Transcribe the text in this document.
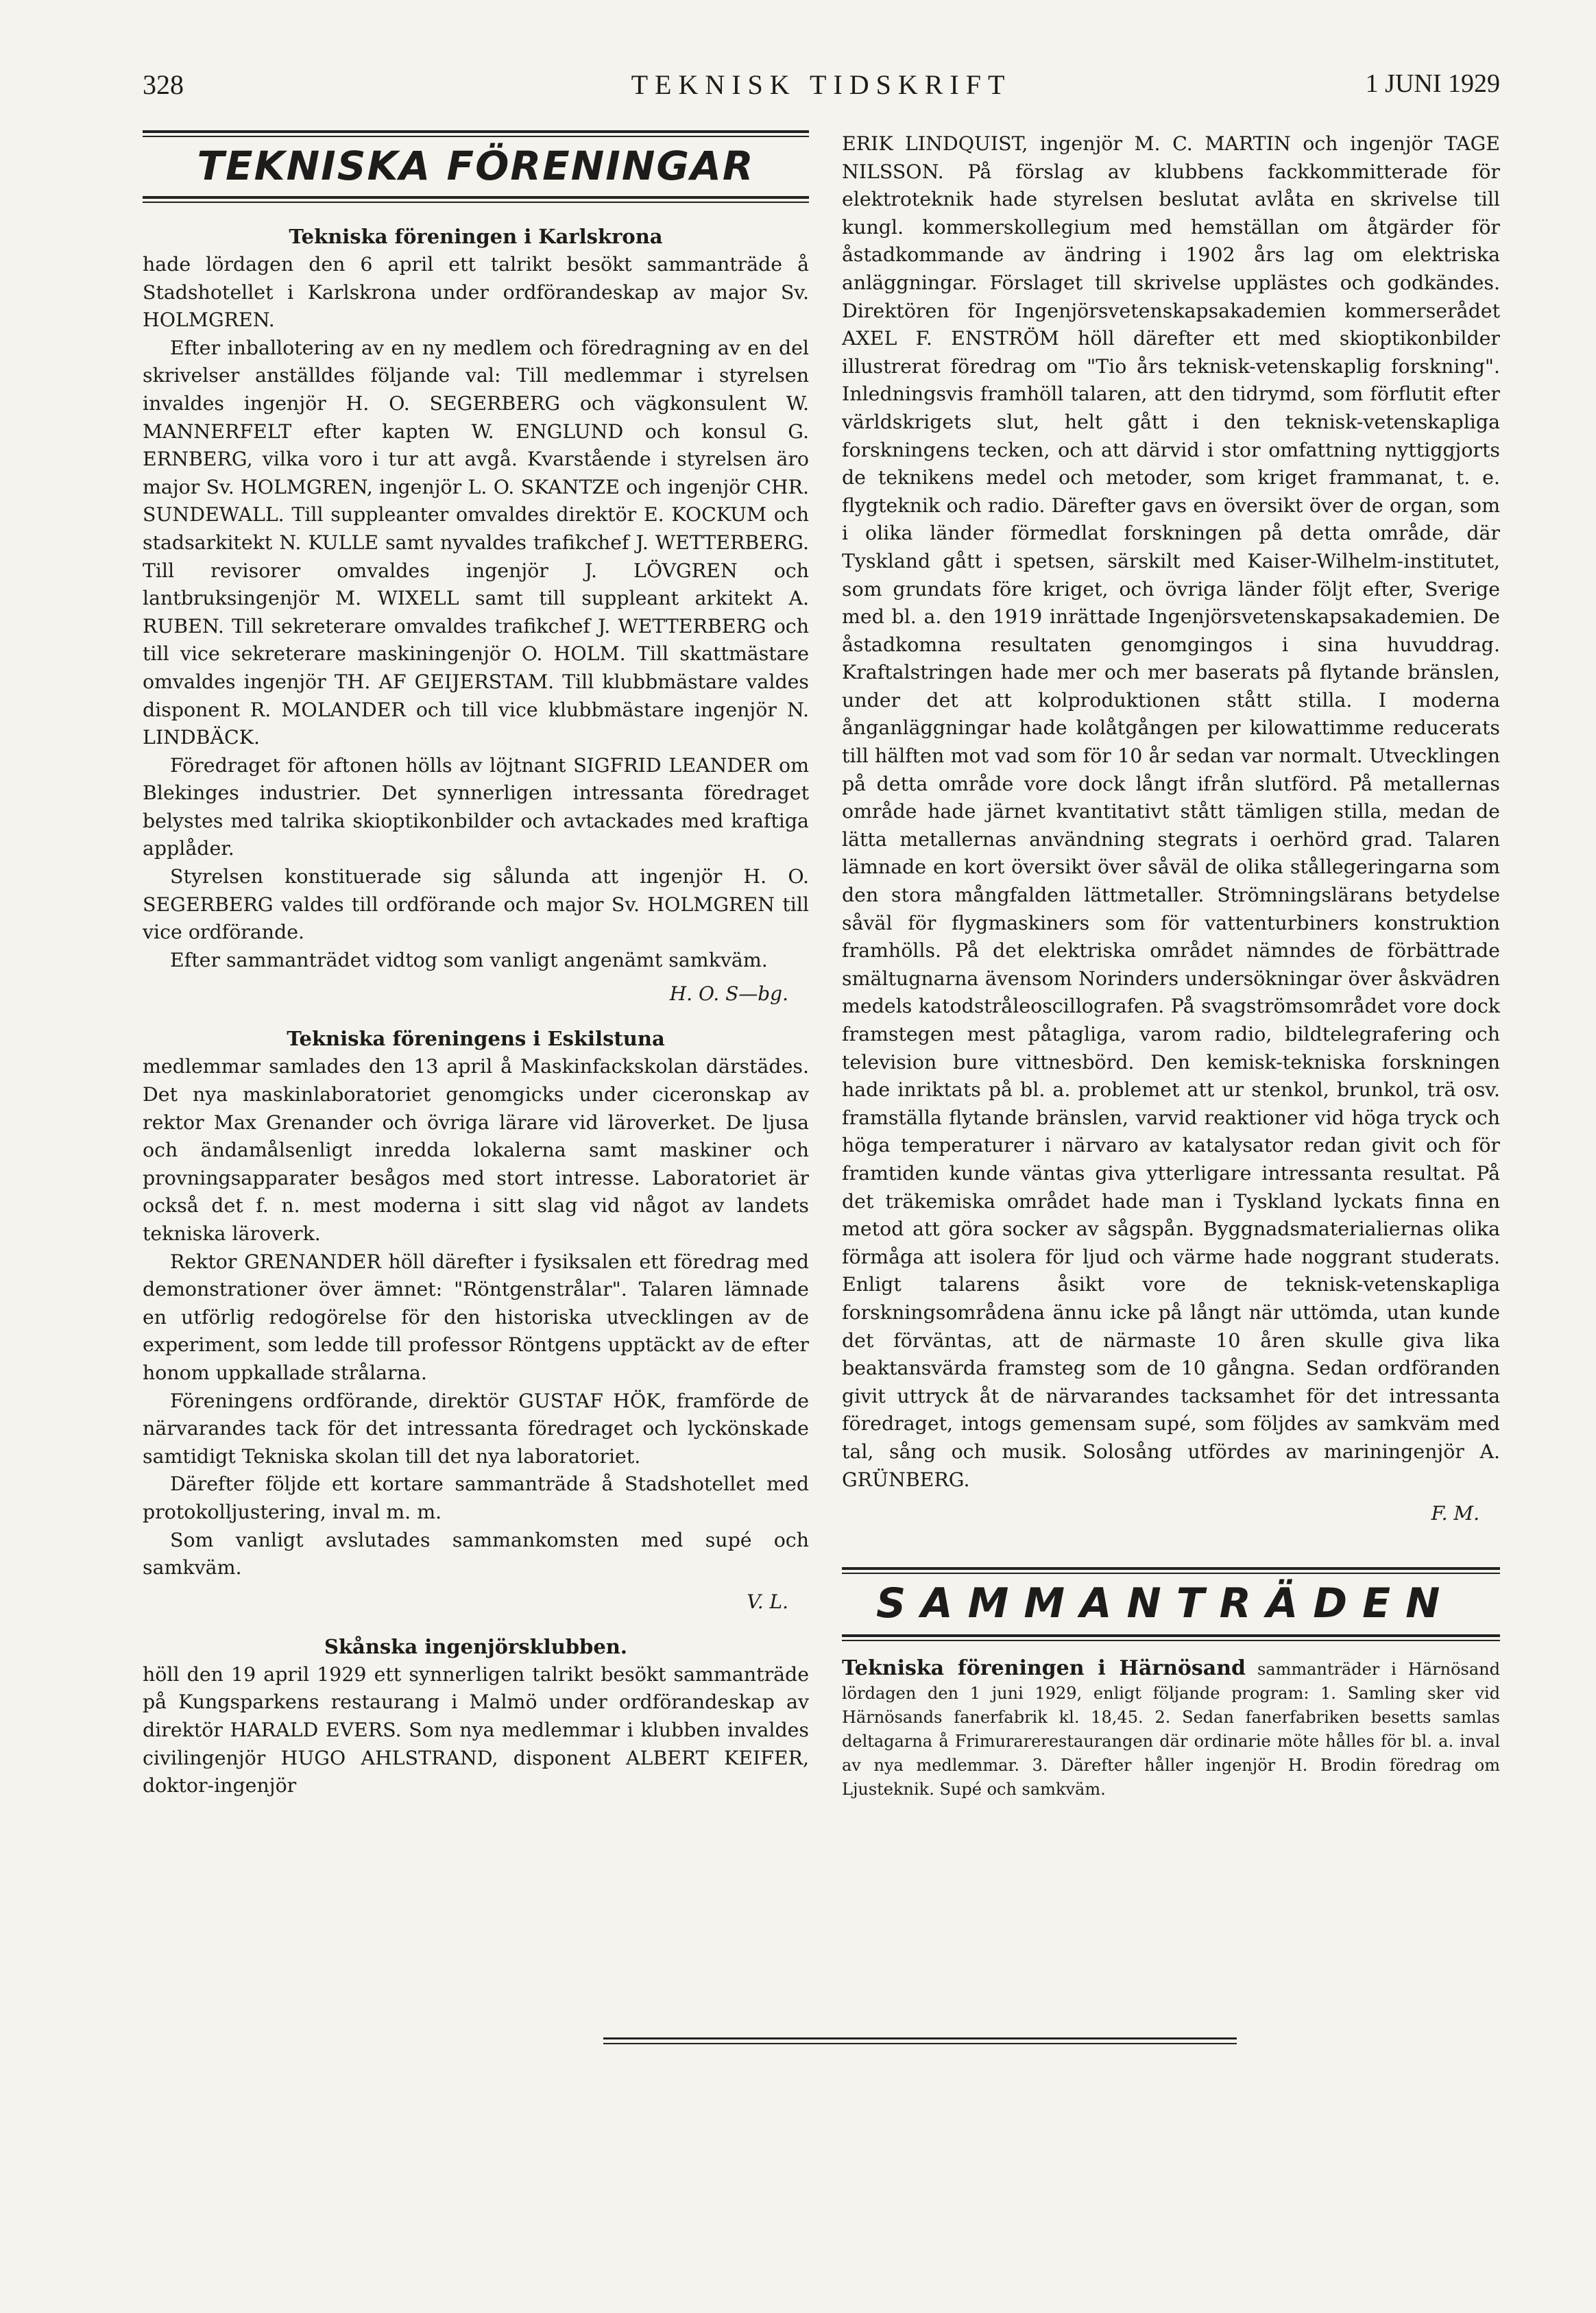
328	TEKNISK TIDSKRIFT	1 JUNI 1929
TEKNISKA FÖRENINGAR
Tekniska föreningen i Karlskrona

hade lördagen den 6 april ett talrikt besökt sammanträde å Stadshotellet i Karlskrona under ordförandeskap av major Sv. HOLMGREN.

Efter inballotering av en ny medlem och föredragning av en del skrivelser anställdes följande val: Till medlemmar i styrelsen invaldes ingenjör H. O. SEGERBERG och vägkonsulent W. MANNERFELT efter kapten W. ENGLUND och konsul G. ERNBERG, vilka voro i tur att avgå. Kvarstående i styrelsen äro major Sv. HOLMGREN, ingenjör L. O. SKANTZE och ingenjör CHR. SUNDEWALL. Till suppleanter omvaldes direktör E. KOCKUM och stadsarkitekt N. KULLE samt nyvaldes trafikchef J. WETTERBERG. Till revisorer omvaldes ingenjör J. LÖVGREN och lantbruksingenjör M. WIXELL samt till suppleant arkitekt A. RUBEN. Till sekreterare omvaldes trafikchef J. WETTERBERG och till vice sekreterare maskiningenjör O. HOLM. Till skattmästare omvaldes ingenjör TH. AF GEIJERSTAM. Till klubbmästare valdes disponent R. MOLANDER och till vice klubbmästare ingenjör N. LINDBÄCK.

Föredraget för aftonen hölls av löjtnant SIGFRID LEANDER om Blekinges industrier. Det synnerligen intressanta föredraget belystes med talrika skioptikonbilder och avtackades med kraftiga applåder.

Styrelsen konstituerade sig sålunda att ingenjör H. O. SEGERBERG valdes till ordförande och major Sv. HOLMGREN till vice ordförande.

Efter sammanträdet vidtog som vanligt angenämt samkväm.

H. O. S—bg.
Tekniska föreningens i Eskilstuna

medlemmar samlades den 13 april å Maskinfackskolan därstädes. Det nya maskinlaboratoriet genomgicks under ciceronskap av rektor Max Grenander och övriga lärare vid läroverket. De ljusa och ändamålsenligt inredda lokalerna samt maskiner och provningsapparater besågos med stort intresse. Laboratoriet är också det f. n. mest moderna i sitt slag vid något av landets tekniska läroverk.

Rektor GRENANDER höll därefter i fysiksalen ett föredrag med demonstrationer över ämnet: "Röntgenstrålar". Talaren lämnade en utförlig redogörelse för den historiska utvecklingen av de experiment, som ledde till professor Röntgens upptäckt av de efter honom uppkallade strålarna.

Föreningens ordförande, direktör GUSTAF HÖK, framförde de närvarandes tack för det intressanta föredraget och lyckönskade samtidigt Tekniska skolan till det nya laboratoriet.

Därefter följde ett kortare sammanträde å Stadshotellet med protokolljustering, inval m. m.

Som vanligt avslutades sammankomsten med supé och samkväm.

V. L.
Skånska ingenjörsklubben.

höll den 19 april 1929 ett synnerligen talrikt besökt sammanträde på Kungsparkens restaurang i Malmö under ordförandeskap av direktör HARALD EVERS. Som nya medlemmar i klubben invaldes civilingenjör HUGO AHLSTRAND, disponent ALBERT KEIFER, doktor-ingenjör

ERIK LINDQUIST, ingenjör M. C. MARTIN och ingenjör TAGE NILSSON. På förslag av klubbens fackkommitterade för elektroteknik hade styrelsen beslutat avlåta en skrivelse till kungl. kommerskollegium med hemställan om åtgärder för åstadkommande av ändring i 1902 års lag om elektriska anläggningar. Förslaget till skrivelse upplästes och godkändes. Direktören för Ingenjörsvetenskapsakademien kommerserådet AXEL F. ENSTRÖM höll därefter ett med skioptikonbilder illustrerat föredrag om "Tio års teknisk-vetenskaplig forskning". Inledningsvis framhöll talaren, att den tidrymd, som förflutit efter världskrigets slut, helt gått i den teknisk-vetenskapliga forskningens tecken, och att därvid i stor omfattning nyttiggjorts de teknikens medel och metoder, som kriget frammanat, t. e. flygteknik och radio. Därefter gavs en översikt över de organ, som i olika länder förmedlat forskningen på detta område, där Tyskland gått i spetsen, särskilt med Kaiser-Wilhelm-institutet, som grundats före kriget, och övriga länder följt efter, Sverige med bl. a. den 1919 inrättade Ingenjörsvetenskapsakademien. De åstadkomna resultaten genomgingos i sina huvuddrag. Kraftalstringen hade mer och mer baserats på flytande bränslen, under det att kolproduktionen stått stilla. I moderna ånganläggningar hade kolåtgången per kilowattimme reducerats till hälften mot vad som för 10 år sedan var normalt. Utvecklingen på detta område vore dock långt ifrån slutförd. På metallernas område hade järnet kvantitativt stått tämligen stilla, medan de lätta metallernas användning stegrats i oerhörd grad. Talaren lämnade en kort översikt över såväl de olika stållegeringarna som den stora mångfalden lättmetaller. Strömningslärans betydelse såväl för flygmaskiners som för vattenturbiners konstruktion framhölls. På det elektriska området nämndes de förbättrade smältugnarna ävensom Norinders undersökningar över åskvädren medels katodstråleoscillografen. På svagströmsområdet vore dock framstegen mest påtagliga, varom radio, bildtelegrafering och television bure vittnesbörd. Den kemisk-tekniska forskningen hade inriktats på bl. a. problemet att ur stenkol, brunkol, trä osv. framställa flytande bränslen, varvid reaktioner vid höga tryck och höga temperaturer i närvaro av katalysator redan givit och för framtiden kunde väntas giva ytterligare intressanta resultat. På det träkemiska området hade man i Tyskland lyckats finna en metod att göra socker av sågspån. Byggnadsmaterialiernas olika förmåga att isolera för ljud och värme hade noggrant studerats. Enligt talarens åsikt vore de teknisk-vetenskapliga forskningsområdena ännu icke på långt när uttömda, utan kunde det förväntas, att de närmaste 10 åren skulle giva lika beaktansvärda framsteg som de 10 gångna. Sedan ordföranden givit uttryck åt de närvarandes tacksamhet för det intressanta föredraget, intogs gemensam supé, som följdes av samkväm med tal, sång och musik. Solosång utfördes av mariningenjör A. GRÜNBERG.

F. M.
SAMMANTRÄDEN
Tekniska föreningen i Härnösand sammanträder i Härnösand lördagen den 1 juni 1929, enligt följande program: 1. Samling sker vid Härnösands fanerfabrik kl. 18,45. 2. Sedan fanerfabriken besetts samlas deltagarna å Frimurarerestaurangen där ordinarie möte hålles för bl. a. inval av nya medlemmar. 3. Därefter håller ingenjör H. Brodin föredrag om Ljusteknik. Supé och samkväm.
